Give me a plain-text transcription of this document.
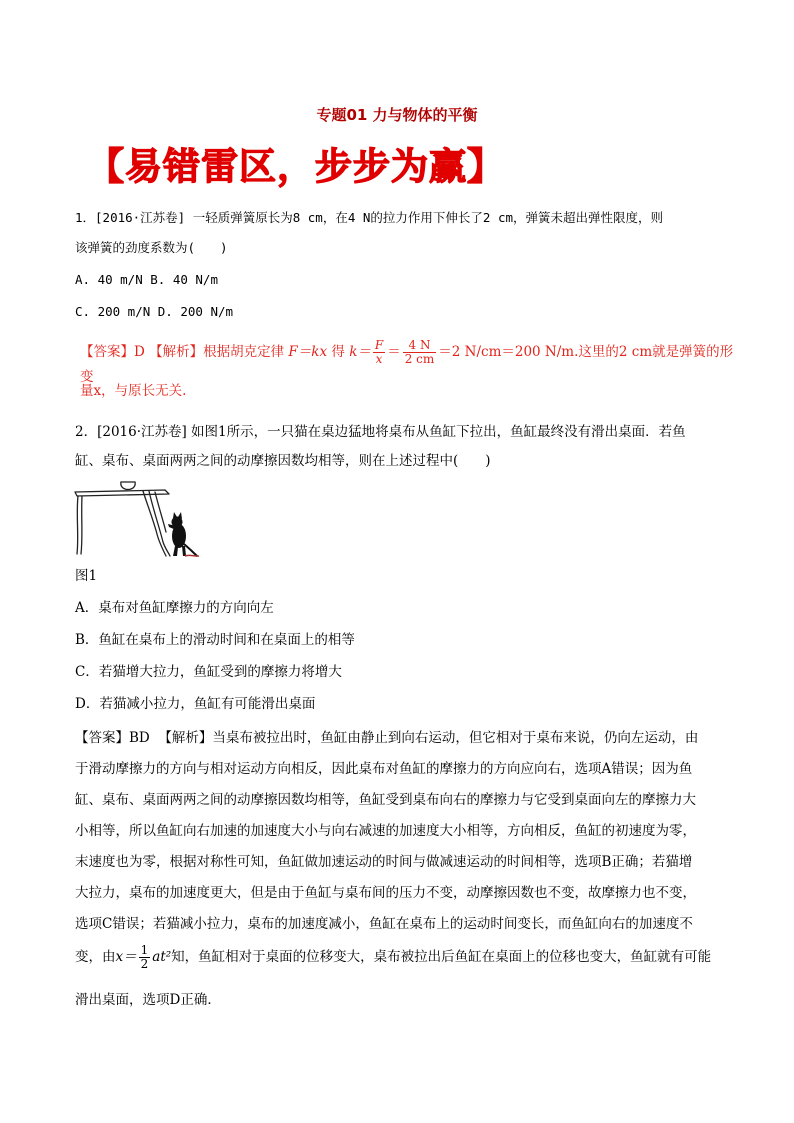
专题01 力与物体的平衡
【易错雷区，步步为赢】
1．[2016·江苏卷] 一轻质弹簧原长为8 cm，在4 N的拉力作用下伸长了2 cm，弹簧未超出弹性限度，则
该弹簧的劲度系数为(　　)
A. 40 m/N B. 40 N/m
C. 200 m/N D. 200 N/m
【答案】D 【解析】根据胡克定律 F＝kx 得 $k= \frac{F}{x} = \frac{4 N}{2 cm} =2$ N/cm＝200 N/m.这里的2 cm就是弹簧的形变
量x，与原长无关.
2．[2016·江苏卷] 如图1所示，一只猫在桌边猛地将桌布从鱼缸下拉出，鱼缸最终没有滑出桌面．若鱼
缸、桌布、桌面两两之间的动摩擦因数均相等，则在上述过程中(　　)
图1
A．桌布对鱼缸摩擦力的方向向左
B．鱼缸在桌布上的滑动时间和在桌面上的相等
C．若猫增大拉力，鱼缸受到的摩擦力将增大
D．若猫减小拉力，鱼缸有可能滑出桌面
【答案】BD 【解析】当桌布被拉出时，鱼缸由静止到向右运动，但它相对于桌布来说，仍向左运动，由
于滑动摩擦力的方向与相对运动方向相反，因此桌布对鱼缸的摩擦力的方向应向右，选项A错误；因为鱼
缸、桌布、桌面两两之间的动摩擦因数均相等，鱼缸受到桌布向右的摩擦力与它受到桌面向左的摩擦力大
小相等，所以鱼缸向右加速的加速度大小与向右减速的加速度大小相等，方向相反，鱼缸的初速度为零，
末速度也为零，根据对称性可知，鱼缸做加速运动的时间与做减速运动的时间相等，选项B正确；若猫增
大拉力，桌布的加速度更大，但是由于鱼缸与桌布间的压力不变，动摩擦因数也不变，故摩擦力也不变，
选项C错误；若猫减小拉力，桌布的加速度减小，鱼缸在桌布上的运动时间变长，而鱼缸向右的加速度不
变，由$x= \frac{1}{2} at^2$知，鱼缸相对于桌面的位移变大，桌布被拉出后鱼缸在桌面上的位移也变大，鱼缸就有可能
滑出桌面，选项D正确．
